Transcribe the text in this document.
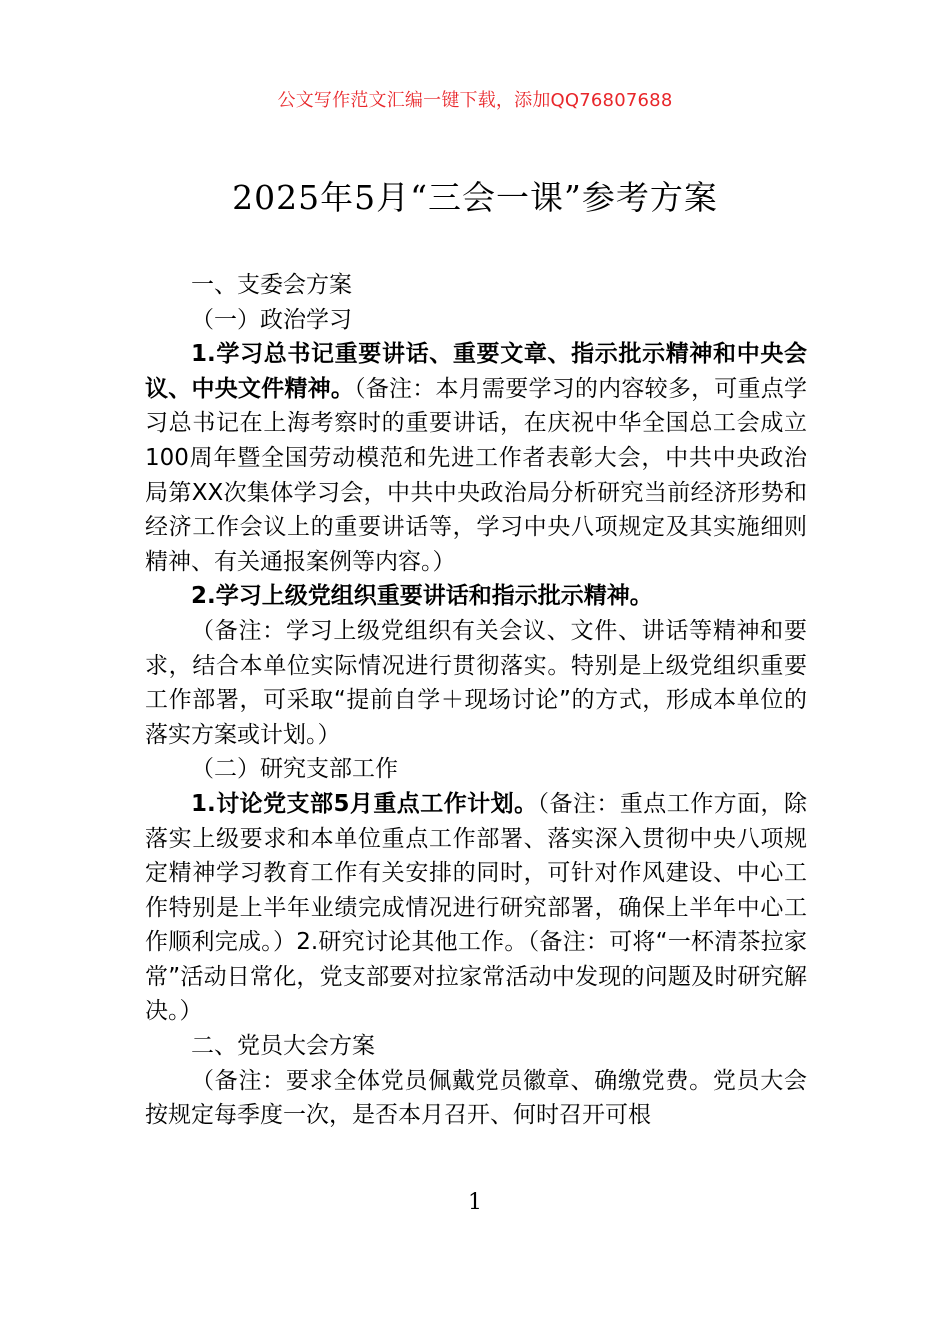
公文写作范文汇编一键下载，添加QQ76807688
2025年5月“三会一课”参考方案

一、支委会方案

（一）政治学习

1.学习总书记重要讲话、重要文章、指示批示精神和中央会议、中央文件精神。（备注：本月需要学习的内容较多，可重点学习总书记在上海考察时的重要讲话，在庆祝中华全国总工会成立100周年暨全国劳动模范和先进工作者表彰大会，中共中央政治局第XX次集体学习会，中共中央政治局分析研究当前经济形势和经济工作会议上的重要讲话等，学习中央八项规定及其实施细则精神、有关通报案例等内容。）

2.学习上级党组织重要讲话和指示批示精神。

（备注：学习上级党组织有关会议、文件、讲话等精神和要求，结合本单位实际情况进行贯彻落实。特别是上级党组织重要工作部署，可采取“提前自学＋现场讨论”的方式，形成本单位的落实方案或计划。）

（二）研究支部工作

1.讨论党支部5月重点工作计划。（备注：重点工作方面，除落实上级要求和本单位重点工作部署、落实深入贯彻中央八项规定精神学习教育工作有关安排的同时，可针对作风建设、中心工作特别是上半年业绩完成情况进行研究部署，确保上半年中心工作顺利完成。）2.研究讨论其他工作。（备注：可将“一杯清茶拉家常”活动日常化，党支部要对拉家常活动中发现的问题及时研究解决。）

二、党员大会方案

（备注：要求全体党员佩戴党员徽章、确缴党费。党员大会按规定每季度一次，是否本月召开、何时召开可根

1
